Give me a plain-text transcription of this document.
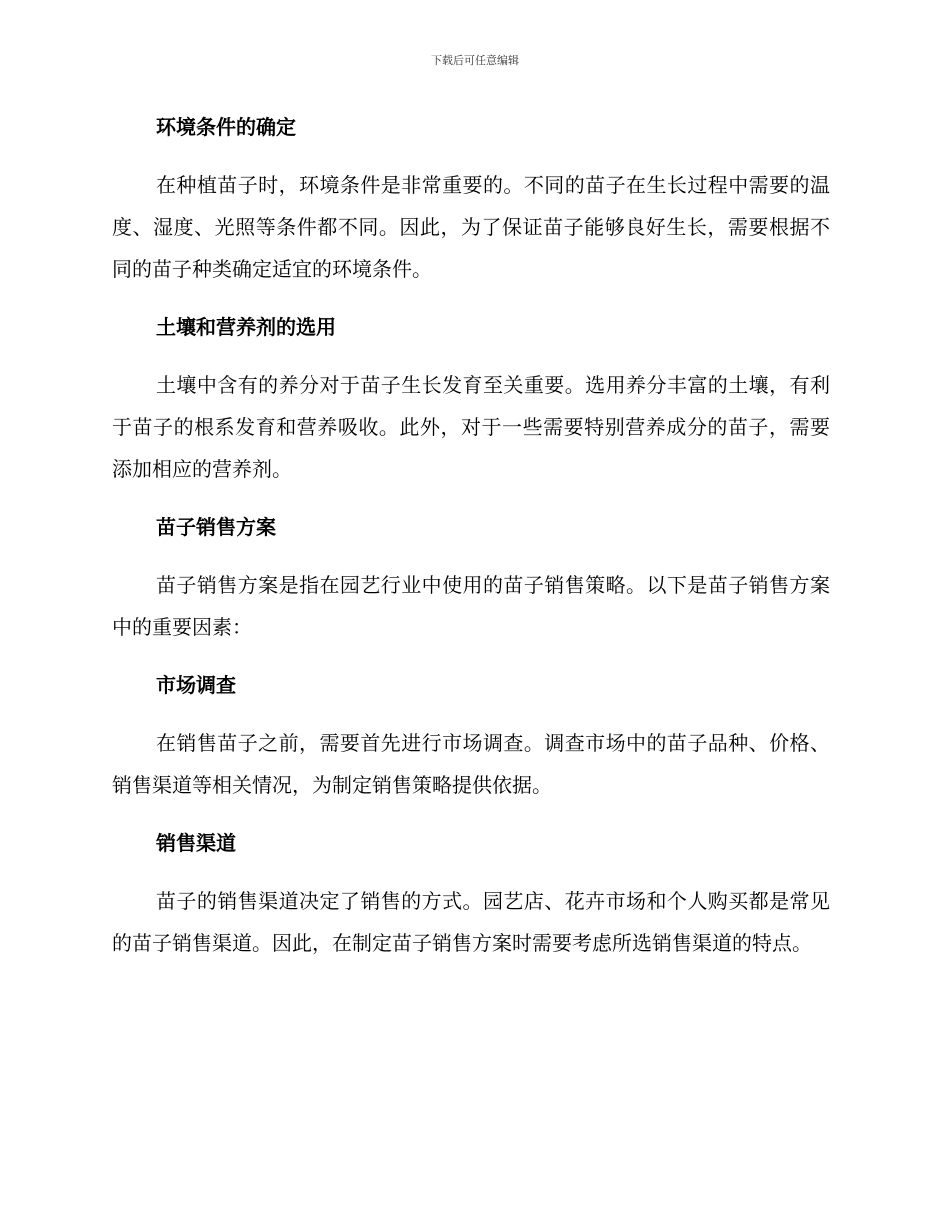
下载后可任意编辑
环境条件的确定

在种植苗子时，环境条件是非常重要的。不同的苗子在生长过程中需要的温度、湿度、光照等条件都不同。因此，为了保证苗子能够良好生长，需要根据不同的苗子种类确定适宜的环境条件。

土壤和营养剂的选用

土壤中含有的养分对于苗子生长发育至关重要。选用养分丰富的土壤，有利于苗子的根系发育和营养吸收。此外，对于一些需要特别营养成分的苗子，需要添加相应的营养剂。

苗子销售方案

苗子销售方案是指在园艺行业中使用的苗子销售策略。以下是苗子销售方案中的重要因素：

市场调查

在销售苗子之前，需要首先进行市场调查。调查市场中的苗子品种、价格、销售渠道等相关情况，为制定销售策略提供依据。

销售渠道

苗子的销售渠道决定了销售的方式。园艺店、花卉市场和个人购买都是常见的苗子销售渠道。因此，在制定苗子销售方案时需要考虑所选销售渠道的特点。
